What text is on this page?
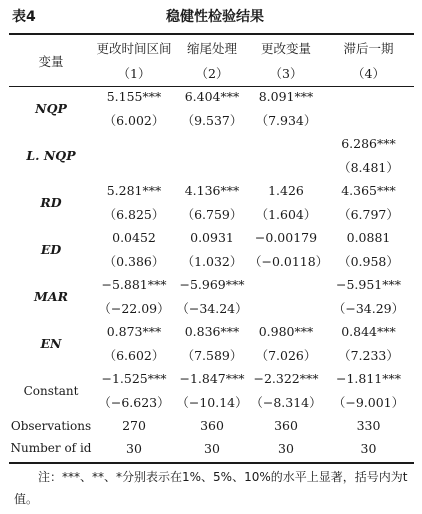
表4	稳健性检验结果
变量	更改时间区间	缩尾处理	更改变量	滞后一期
	（1）	（2）	（3）	（4）
NQP	5.155***	6.404***	8.091***	
	（6.002）	（9.537）	（7.934）	
L. NQP				6.286***
				（8.481）
RD	5.281***	4.136***	1.426	4.365***
	（6.825）	（6.759）	（1.604）	（6.797）
ED	0.0452	0.0931	−0.00179	0.0881
	（0.386）	（1.032）	（−0.0118）	（0.958）
MAR	−5.881***	−5.969***		−5.951***
	（−22.09）	（−34.24）		（−34.29）
EN	0.873***	0.836***	0.980***	0.844***
	（6.602）	（7.589）	（7.026）	（7.233）
Constant	−1.525***	−1.847***	−2.322***	−1.811***
	（−6.623）	（−10.14）	（−8.314）	（−9.001）
Observations	270	360	360	330
Number of id	30	30	30	30
注：***、**、*分别表示在1%、5%、10%的水平上显著，括号内为t值。
